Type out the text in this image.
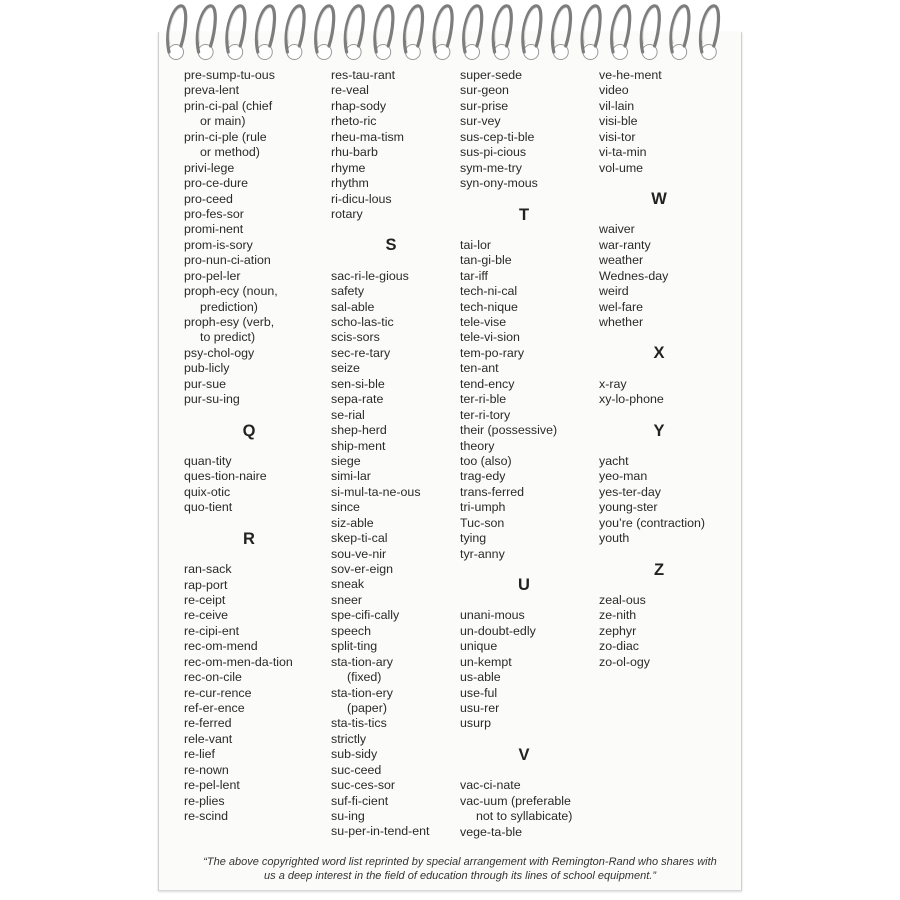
pre-sump-tu-ous
preva-lent
prin-ci-pal (chief
or main)
prin-ci-ple (rule
or method)
privi-lege
pro-ce-dure
pro-ceed
pro-fes-sor
promi-nent
prom-is-sory
pro-nun-ci-ation
pro-pel-ler
proph-ecy (noun,
prediction)
proph-esy (verb,
to predict)
psy-chol-ogy
pub-licly
pur-sue
pur-su-ing
Q
quan-tity
ques-tion-naire
quix-otic
quo-tient
R
ran-sack
rap-port
re-ceipt
re-ceive
re-cipi-ent
rec-om-mend
rec-om-men-da-tion
rec-on-cile
re-cur-rence
ref-er-ence
re-ferred
rele-vant
re-lief
re-nown
re-pel-lent
re-plies
re-scind
res-tau-rant
re-veal
rhap-sody
rheto-ric
rheu-ma-tism
rhu-barb
rhyme
rhythm
ri-dicu-lous
rotary
S
sac-ri-le-gious
safety
sal-able
scho-las-tic
scis-sors
sec-re-tary
seize
sen-si-ble
sepa-rate
se-rial
shep-herd
ship-ment
siege
simi-lar
si-mul-ta-ne-ous
since
siz-able
skep-ti-cal
sou-ve-nir
sov-er-eign
sneak
sneer
spe-cifi-cally
speech
split-ting
sta-tion-ary
(fixed)
sta-tion-ery
(paper)
sta-tis-tics
strictly
sub-sidy
suc-ceed
suc-ces-sor
suf-fi-cient
su-ing
su-per-in-tend-ent
super-sede
sur-geon
sur-prise
sur-vey
sus-cep-ti-ble
sus-pi-cious
sym-me-try
syn-ony-mous
T
tai-lor
tan-gi-ble
tar-iff
tech-ni-cal
tech-nique
tele-vise
tele-vi-sion
tem-po-rary
ten-ant
tend-ency
ter-ri-ble
ter-ri-tory
their (possessive)
theory
too (also)
trag-edy
trans-ferred
tri-umph
Tuc-son
tying
tyr-anny
U
unani-mous
un-doubt-edly
unique
un-kempt
us-able
use-ful
usu-rer
usurp
V
vac-ci-nate
vac-uum (preferable
not to syllabicate)
vege-ta-ble
ve-he-ment
video
vil-lain
visi-ble
visi-tor
vi-ta-min
vol-ume
W
waiver
war-ranty
weather
Wednes-day
weird
wel-fare
whether
X
x-ray
xy-lo-phone
Y
yacht
yeo-man
yes-ter-day
young-ster
you’re (contraction)
youth
Z
zeal-ous
ze-nith
zephyr
zo-diac
zo-ol-ogy
“The above copyrighted word list reprinted by special arrangement with Remington-Rand who shares with us a deep interest in the field of education through its lines of school equipment.”
